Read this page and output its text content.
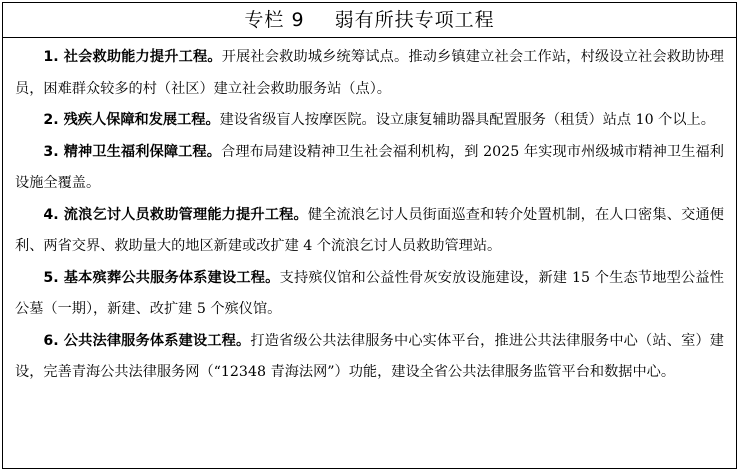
专栏 9 弱有所扶专项工程

1. 社会救助能力提升工程。开展社会救助城乡统筹试点。推动乡镇建立社会工作站，村级设立社会救助协理员，困难群众较多的村（社区）建立社会救助服务站（点）。

2. 残疾人保障和发展工程。建设省级盲人按摩医院。设立康复辅助器具配置服务（租赁）站点 10 个以上。

3. 精神卫生福利保障工程。合理布局建设精神卫生社会福利机构，到 2025 年实现市州级城市精神卫生福利设施全覆盖。

4. 流浪乞讨人员救助管理能力提升工程。健全流浪乞讨人员街面巡查和转介处置机制，在人口密集、交通便利、两省交界、救助量大的地区新建或改扩建 4 个流浪乞讨人员救助管理站。

5. 基本殡葬公共服务体系建设工程。支持殡仪馆和公益性骨灰安放设施建设，新建 15 个生态节地型公益性公墓（一期），新建、改扩建 5 个殡仪馆。

6. 公共法律服务体系建设工程。打造省级公共法律服务中心实体平台，推进公共法律服务中心（站、室）建设，完善青海公共法律服务网（“12348 青海法网”）功能，建设全省公共法律服务监管平台和数据中心。
